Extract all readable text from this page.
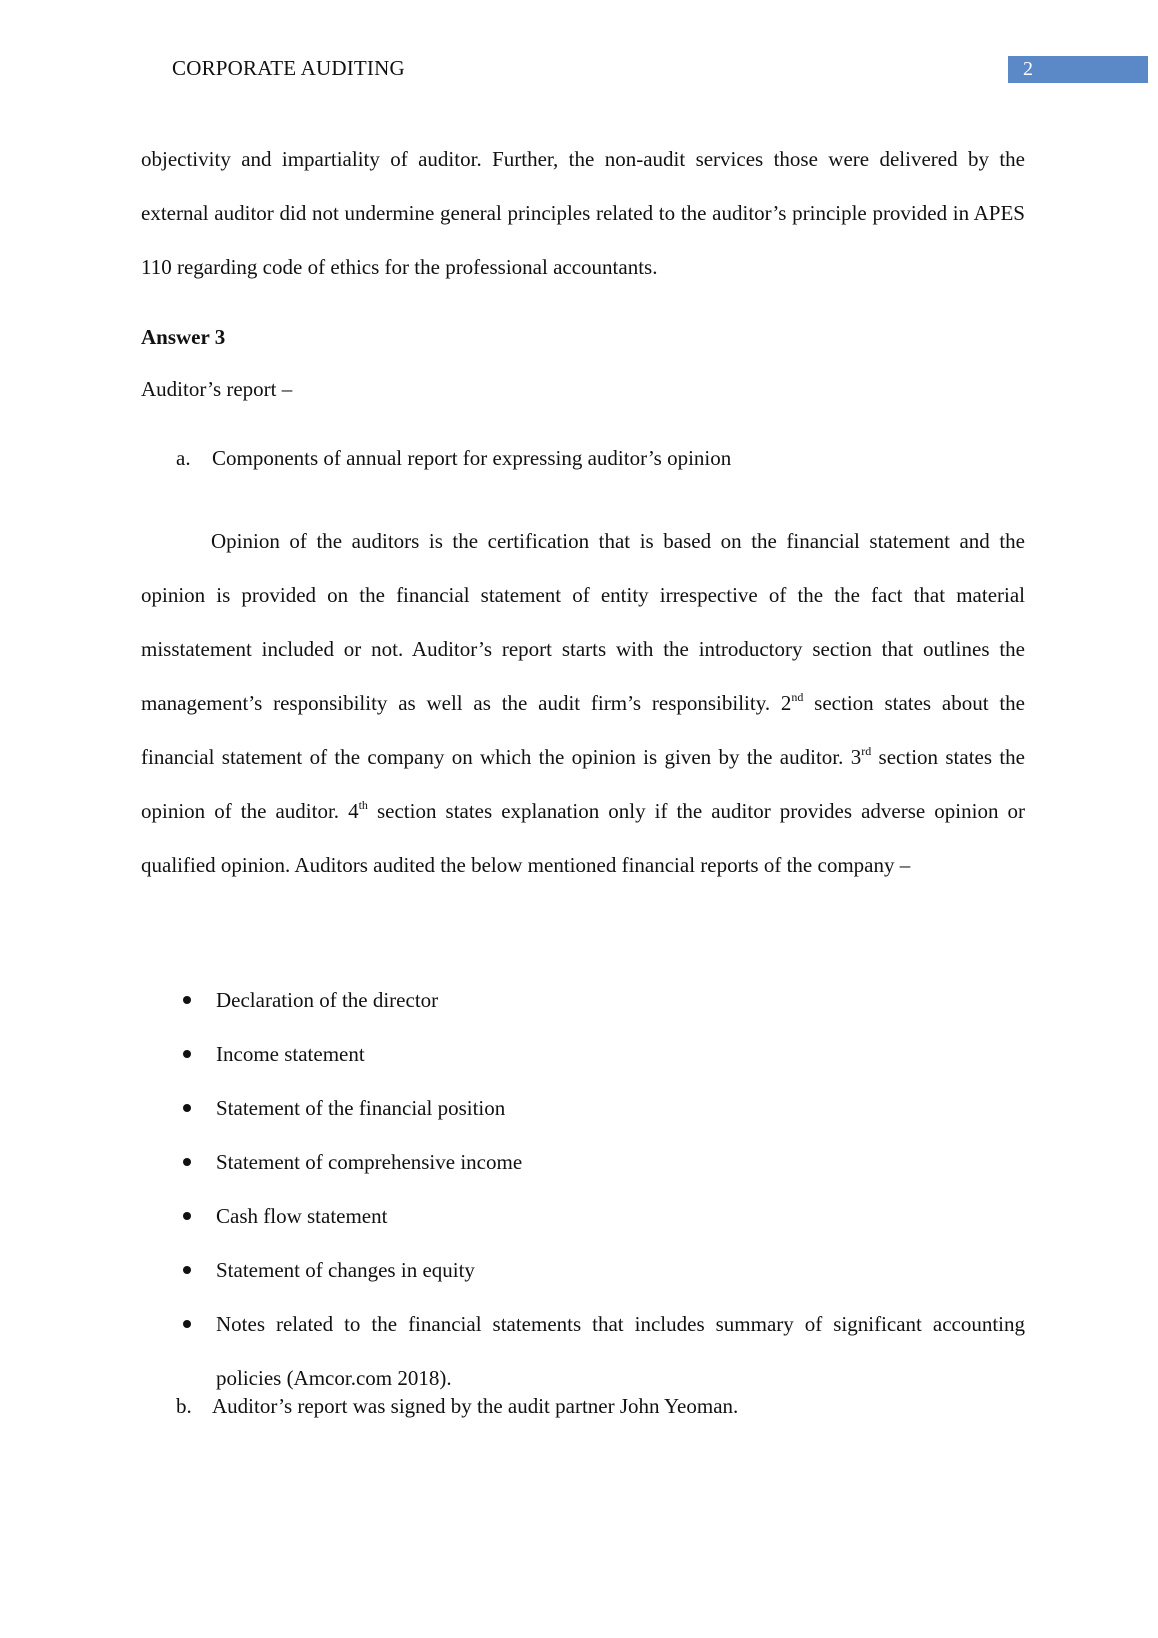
CORPORATE AUDITING	2

objectivity and impartiality of auditor. Further, the non-audit services those were delivered by the external auditor did not undermine general principles related to the auditor’s principle provided in APES 110 regarding code of ethics for the professional accountants.

Answer 3

Auditor’s report –

a. Components of annual report for expressing auditor’s opinion

Opinion of the auditors is the certification that is based on the financial statement and the opinion is provided on the financial statement of entity irrespective of the the fact that material misstatement included or not. Auditor’s report starts with the introductory section that outlines the management’s responsibility as well as the audit firm’s responsibility. 2nd section states about the financial statement of the company on which the opinion is given by the auditor. 3rd section states the opinion of the auditor. 4th section states explanation only if the auditor provides adverse opinion or qualified opinion. Auditors audited the below mentioned financial reports of the company –

Declaration of the director
Income statement
Statement of the financial position
Statement of comprehensive income
Cash flow statement
Statement of changes in equity
Notes related to the financial statements that includes summary of significant accounting policies (Amcor.com 2018).

b. Auditor’s report was signed by the audit partner John Yeoman.
